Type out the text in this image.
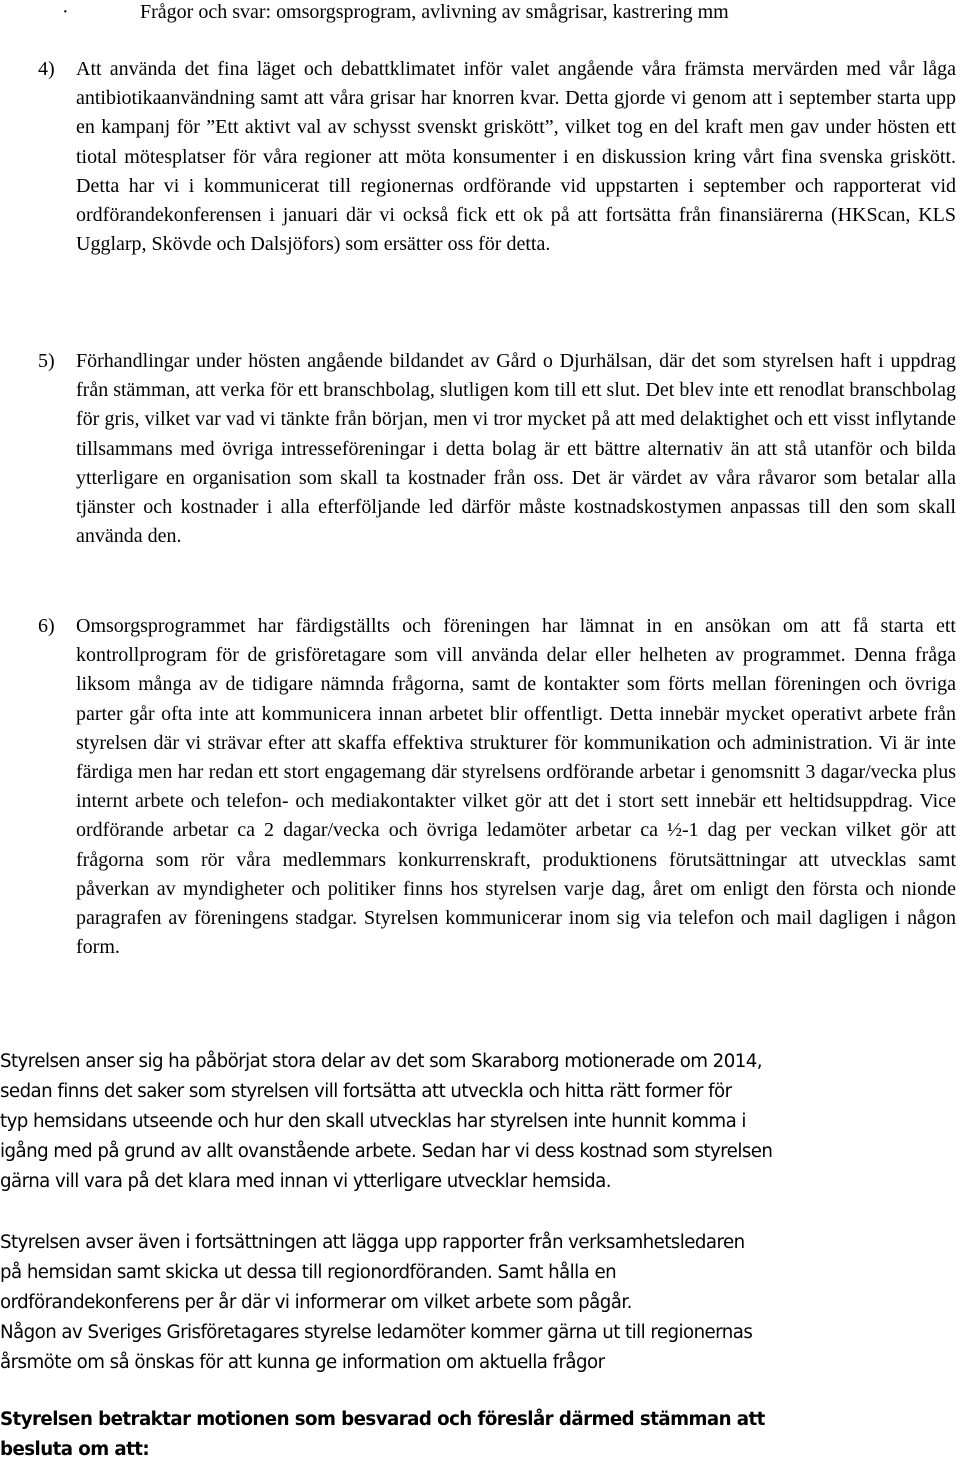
·	Frågor och svar: omsorgsprogram, avlivning av smågrisar, kastrering mm
4) Att använda det fina läget och debattklimatet inför valet angående våra främsta mervärden med vår låga antibiotikaanvändning samt att våra grisar har knorren kvar. Detta gjorde vi genom att i september starta upp en kampanj för ”Ett aktivt val av schysst svenskt griskött”, vilket tog en del kraft men gav under hösten ett tiotal mötesplatser för våra regioner att möta konsumenter i en diskussion kring vårt fina svenska griskött. Detta har vi i kommunicerat till regionernas ordförande vid uppstarten i september och rapporterat vid ordförandekonferensen i januari där vi också fick ett ok på att fortsätta från finansiärerna (HKScan, KLS Ugglarp, Skövde och Dalsjöfors) som ersätter oss för detta.

5) Förhandlingar under hösten angående bildandet av Gård o Djurhälsan, där det som styrelsen haft i uppdrag från stämman, att verka för ett branschbolag, slutligen kom till ett slut. Det blev inte ett renodlat branschbolag för gris, vilket var vad vi tänkte från början, men vi tror mycket på att med delaktighet och ett visst inflytande tillsammans med övriga intresseföreningar i detta bolag är ett bättre alternativ än att stå utanför och bilda ytterligare en organisation som skall ta kostnader från oss. Det är värdet av våra råvaror som betalar alla tjänster och kostnader i alla efterföljande led därför måste kostnadskostymen anpassas till den som skall använda den.

6) Omsorgsprogrammet har färdigställts och föreningen har lämnat in en ansökan om att få starta ett kontrollprogram för de grisföretagare som vill använda delar eller helheten av programmet. Denna fråga liksom många av de tidigare nämnda frågorna, samt de kontakter som förts mellan föreningen och övriga parter går ofta inte att kommunicera innan arbetet blir offentligt. Detta innebär mycket operativt arbete från styrelsen där vi strävar efter att skaffa effektiva strukturer för kommunikation och administration. Vi är inte färdiga men har redan ett stort engagemang där styrelsens ordförande arbetar i genomsnitt 3 dagar/vecka plus internt arbete och telefon- och mediakontakter vilket gör att det i stort sett innebär ett heltidsuppdrag. Vice ordförande arbetar ca 2 dagar/vecka och övriga ledamöter arbetar ca ½-1 dag per veckan vilket gör att frågorna som rör våra medlemmars konkurrenskraft, produktionens förutsättningar att utvecklas samt påverkan av myndigheter och politiker finns hos styrelsen varje dag, året om enligt den första och nionde paragrafen av föreningens stadgar. Styrelsen kommunicerar inom sig via telefon och mail dagligen i någon form.

Styrelsen anser sig ha påbörjat stora delar av det som Skaraborg motionerade om 2014,
sedan finns det saker som styrelsen vill fortsätta att utveckla och hitta rätt former för
typ hemsidans utseende och hur den skall utvecklas har styrelsen inte hunnit komma i
igång med på grund av allt ovanstående arbete. Sedan har vi dess kostnad som styrelsen
gärna vill vara på det klara med innan vi ytterligare utvecklar hemsida.
Styrelsen avser även i fortsättningen att lägga upp rapporter från verksamhetsledaren
på hemsidan samt skicka ut dessa till regionordföranden. Samt hålla en
ordförandekonferens per år där vi informerar om vilket arbete som pågår.
Någon av Sveriges Grisföretagares styrelse ledamöter kommer gärna ut till regionernas
årsmöte om så önskas för att kunna ge information om aktuella frågor
Styrelsen betraktar motionen som besvarad och föreslår därmed stämman att
besluta om att:
